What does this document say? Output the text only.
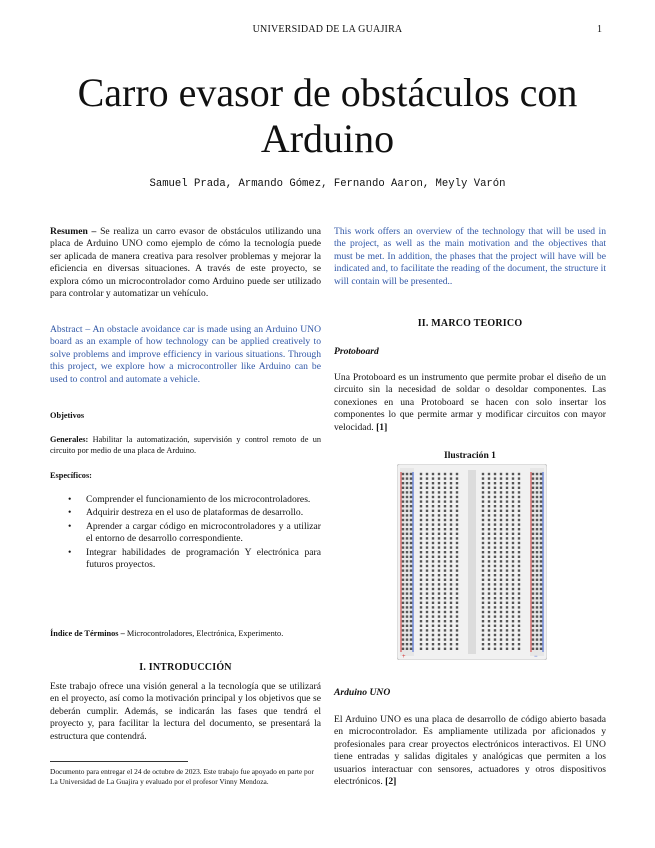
UNIVERSIDAD DE LA GUAJIRA	1
Carro evasor de obstáculos con Arduino
Samuel Prada, Armando Gómez, Fernando Aaron, Meyly Varón
Resumen – Se realiza un carro evasor de obstáculos utilizando una placa de Arduino UNO como ejemplo de cómo la tecnología puede ser aplicada de manera creativa para resolver problemas y mejorar la eficiencia en diversas situaciones. A través de este proyecto, se explora cómo un microcontrolador como Arduino puede ser utilizado para controlar y automatizar un vehículo.
Abstract – An obstacle avoidance car is made using an Arduino UNO board as an example of how technology can be applied creatively to solve problems and improve efficiency in various situations. Through this project, we explore how a microcontroller like Arduino can be used to control and automate a vehicle.
Objetivos
Generales: Habilitar la automatización, supervisión y control remoto de un circuito por medio de una placa de Arduino.
Específicos:
• Comprender el funcionamiento de los microcontroladores.
• Adquirir destreza en el uso de plataformas de desarrollo.
• Aprender a cargar código en microcontroladores y a utilizar el entorno de desarrollo correspondiente.
• Integrar habilidades de programación Y electrónica para futuros proyectos.
Índice de Términos – Microcontroladores, Electrónica, Experimento.
I. INTRODUCCIÓN
Este trabajo ofrece una visión general a la tecnología que se utilizará en el proyecto, así como la motivación principal y los objetivos que se deberán cumplir. Además, se indicarán las fases que tendrá el proyecto y, para facilitar la lectura del documento, se presentará la estructura que contendrá.
Documento para entregar el 24 de octubre de 2023. Este trabajo fue apoyado en parte por La Universidad de La Guajira y evaluado por el profesor Vinny Mendoza.
This work offers an overview of the technology that will be used in the project, as well as the main motivation and the objectives that must be met. In addition, the phases that the project will have will be indicated and, to facilitate the reading of the document, the structure it will contain will be presented..
II. MARCO TEORICO
Protoboard
Una Protoboard es un instrumento que permite probar el diseño de un circuito sin la necesidad de soldar o desoldar componentes. Las conexiones en una Protoboard se hacen con solo insertar los componentes lo que permite armar y modificar circuitos con mayor velocidad. [1]
Ilustración 1
+	−
Arduino UNO
El Arduino UNO es una placa de desarrollo de código abierto basada en microcontrolador. Es ampliamente utilizada por aficionados y profesionales para crear proyectos electrónicos interactivos. El UNO tiene entradas y salidas digitales y analógicas que permiten a los usuarios interactuar con sensores, actuadores y otros dispositivos electrónicos. [2]
